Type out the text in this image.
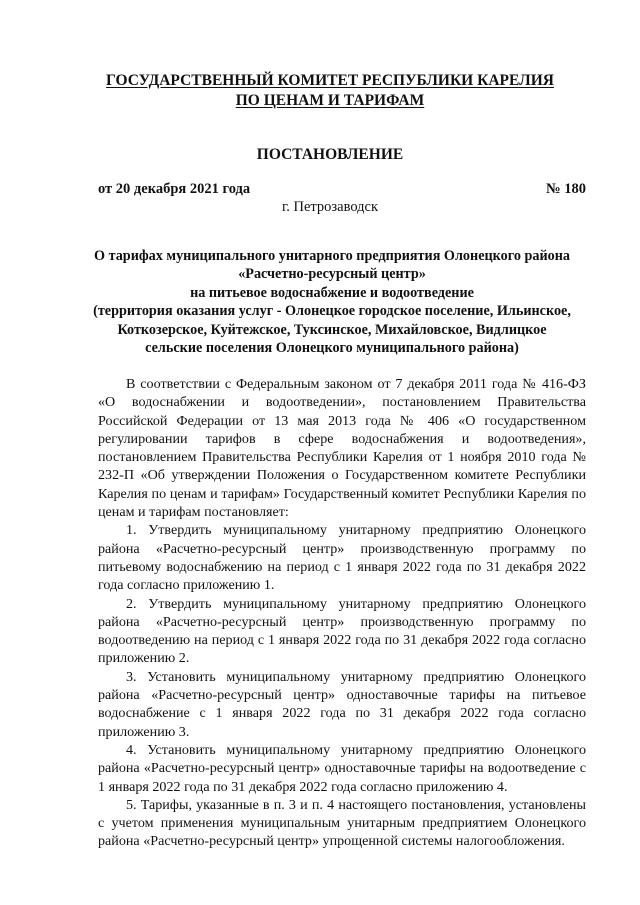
ГОСУДАРСТВЕННЫЙ КОМИТЕТ РЕСПУБЛИКИ КАРЕЛИЯ
ПО ЦЕНАМ И ТАРИФАМ
ПОСТАНОВЛЕНИЕ
от 20 декабря 2021 года	№ 180
г. Петрозаводск
О тарифах муниципального унитарного предприятия Олонецкого района
«Расчетно-ресурсный центр»
на питьевое водоснабжение и водоотведение
(территория оказания услуг - Олонецкое городское поселение, Ильинское,
Коткозерское, Куйтежское, Туксинское, Михайловское, Видлицкое
сельские поселения Олонецкого муниципального района)

В соответствии с Федеральным законом от 7 декабря 2011 года № 416-ФЗ «О водоснабжении и водоотведении», постановлением Правительства Российской Федерации от 13 мая 2013 года № 406 «О государственном регулировании тарифов в сфере водоснабжения и водоотведения», постановлением Правительства Республики Карелия от 1 ноября 2010 года № 232-П «Об утверждении Положения о Государственном комитете Республики Карелия по ценам и тарифам» Государственный комитет Республики Карелия по ценам и тарифам постановляет:

1. Утвердить муниципальному унитарному предприятию Олонецкого района «Расчетно-ресурсный центр» производственную программу по питьевому водоснабжению на период с 1 января 2022 года по 31 декабря 2022 года согласно приложению 1.

2. Утвердить муниципальному унитарному предприятию Олонецкого района «Расчетно-ресурсный центр» производственную программу по водоотведению на период с 1 января 2022 года по 31 декабря 2022 года согласно приложению 2.

3. Установить муниципальному унитарному предприятию Олонецкого района «Расчетно-ресурсный центр» одноставочные тарифы на питьевое водоснабжение с 1 января 2022 года по 31 декабря 2022 года согласно приложению 3.

4. Установить муниципальному унитарному предприятию Олонецкого района «Расчетно-ресурсный центр» одноставочные тарифы на водоотведение с 1 января 2022 года по 31 декабря 2022 года согласно приложению 4.

5. Тарифы, указанные в п. 3 и п. 4 настоящего постановления, установлены с учетом применения муниципальным унитарным предприятием Олонецкого района «Расчетно-ресурсный центр» упрощенной системы налогообложения.
